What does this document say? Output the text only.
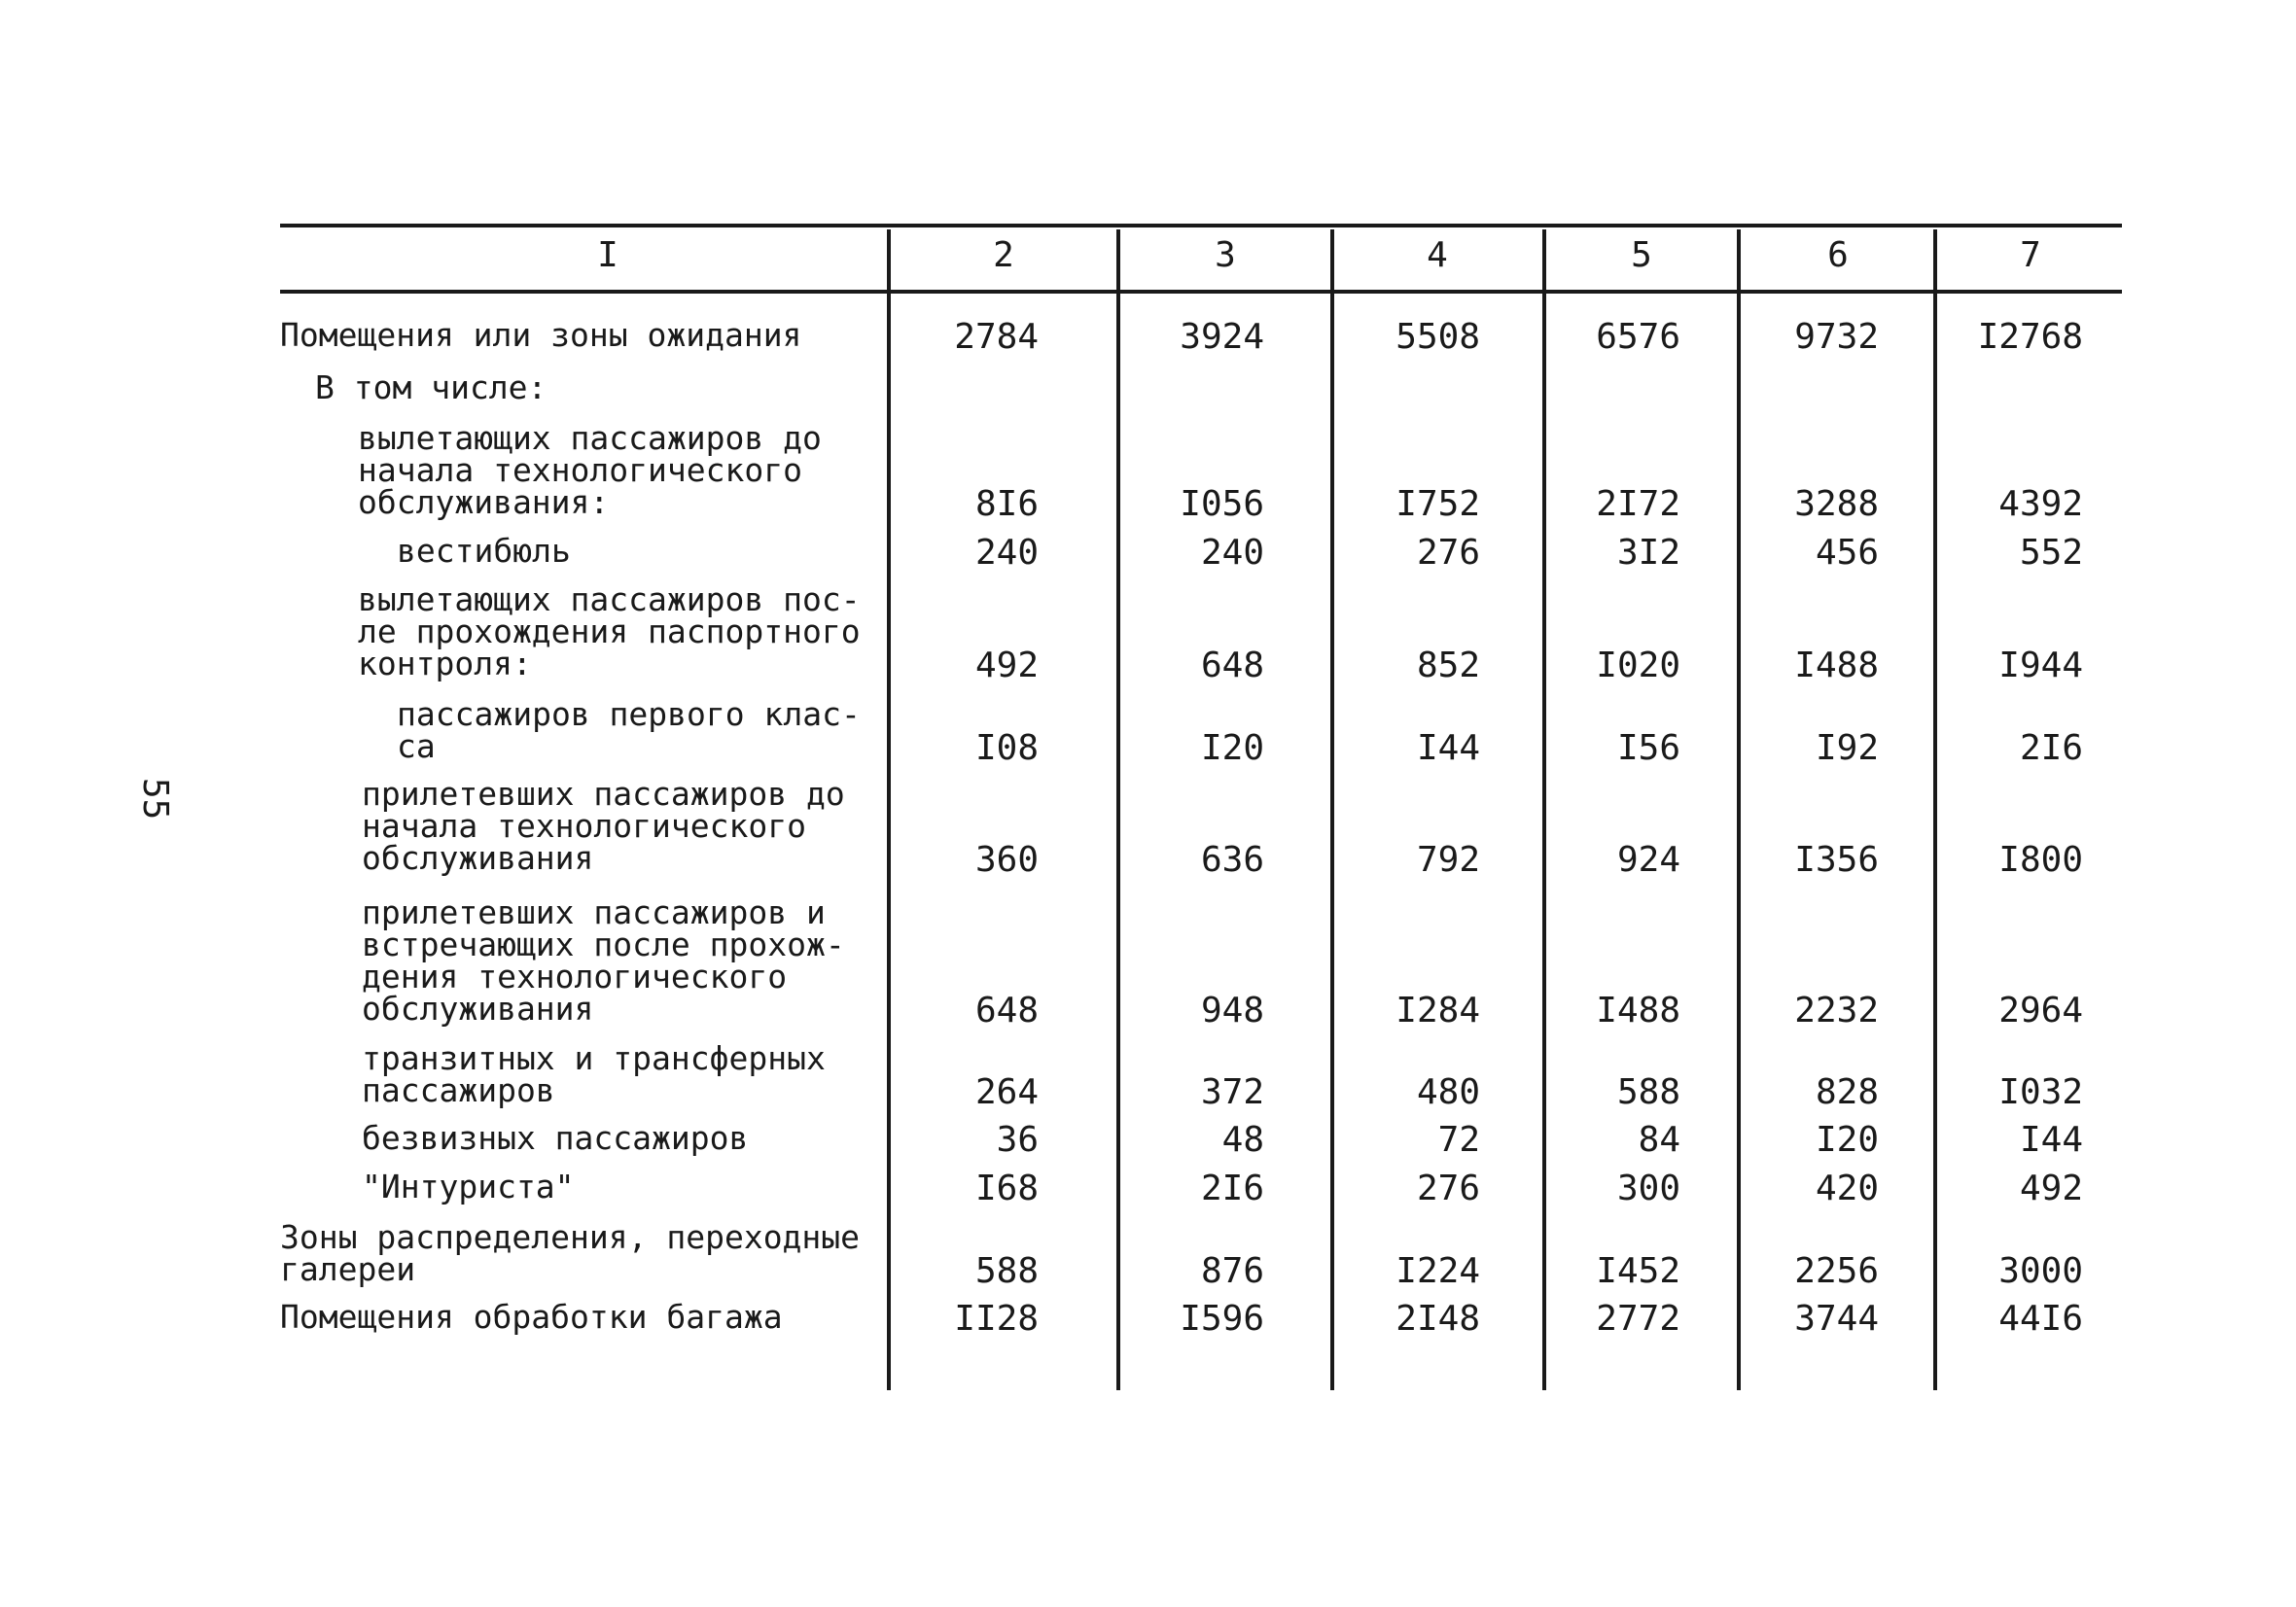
55
I	2	3	4	5	6	7
Помещения или зоны ожидания	2784	3924	5508	6576	9732	I2768
В том числе:
вылетающих пассажиров до
начала технологического
обслуживания:	8I6	I056	I752	2I72	3288	4392
вестибюль	240	240	276	3I2	456	552
вылетающих пассажиров пос-
ле прохождения паспортного
контроля:	492	648	852	I020	I488	I944
пассажиров первого клас-
са	I08	I20	I44	I56	I92	2I6
прилетевших пассажиров до
начала технологического
обслуживания	360	636	792	924	I356	I800
прилетевших пассажиров и
встречающих после прохож-
дения технологического
обслуживания	648	948	I284	I488	2232	2964
транзитных и трансферных
пассажиров	264	372	480	588	828	I032
безвизных пассажиров	36	48	72	84	I20	I44
"Интуриста"	I68	2I6	276	300	420	492
Зоны распределения, переходные
галереи	588	876	I224	I452	2256	3000
Помещения обработки багажа	II28	I596	2I48	2772	3744	44I6
